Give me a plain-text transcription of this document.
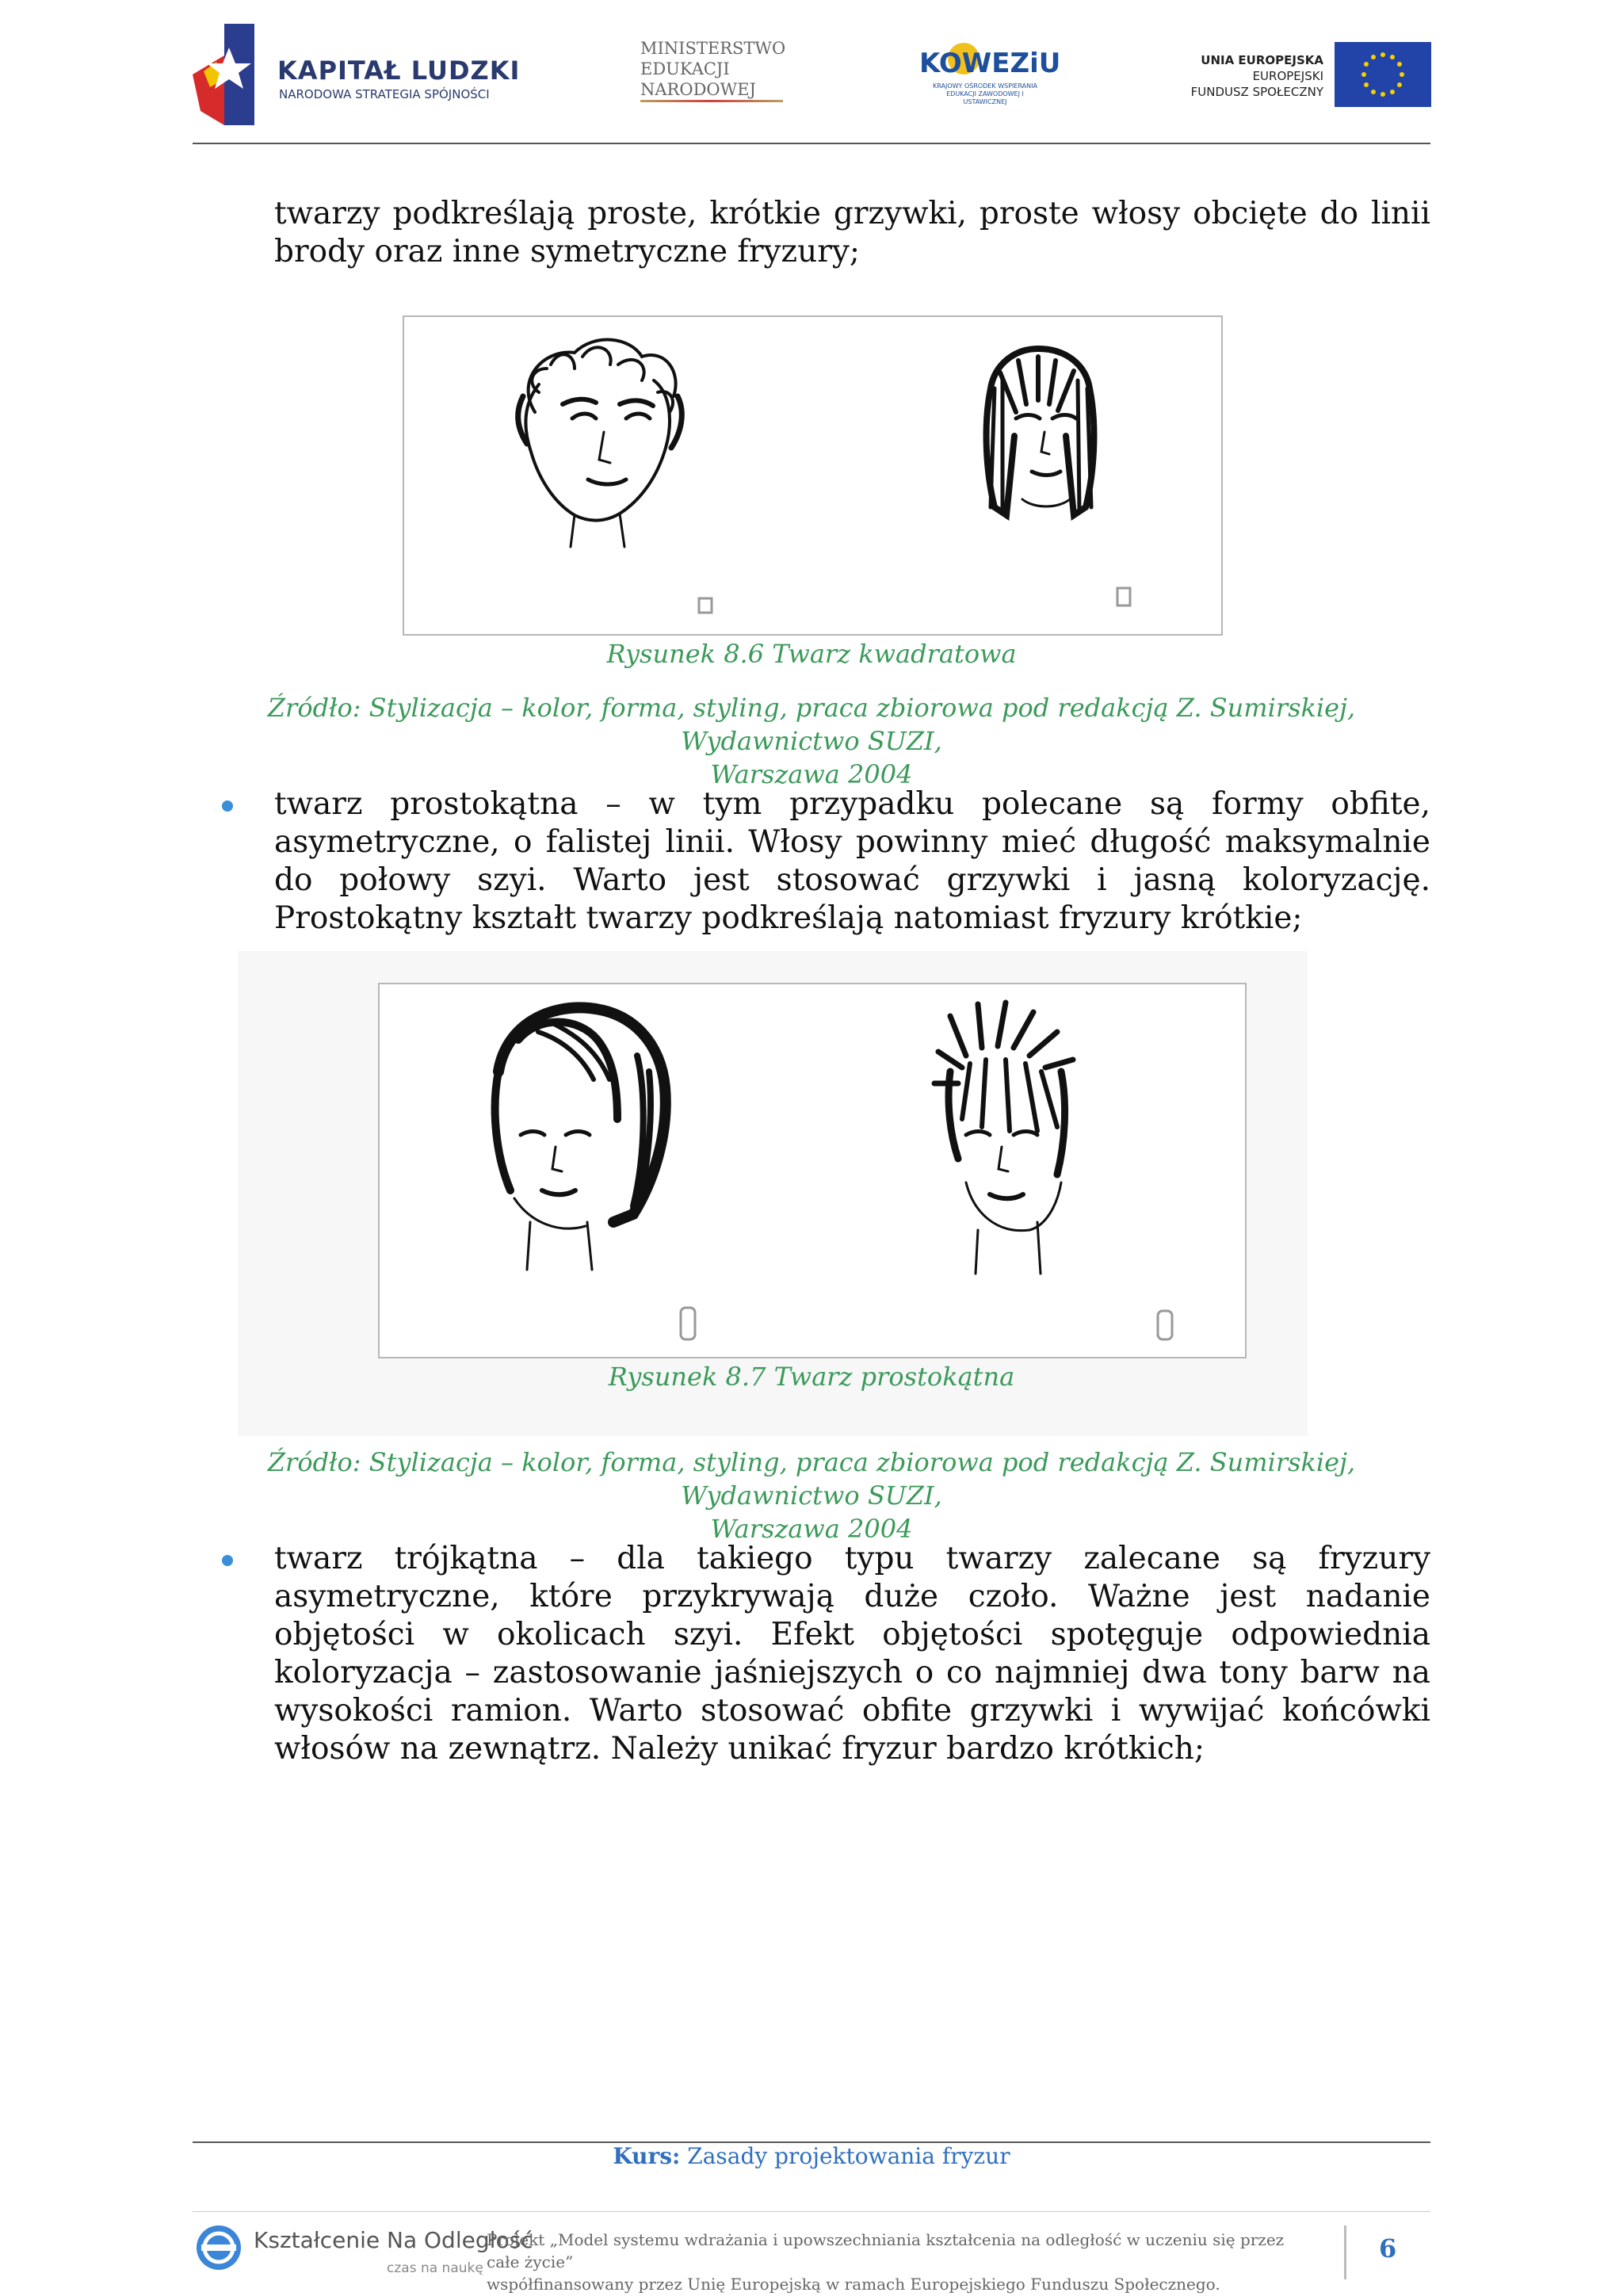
KAPITAŁ LUDZKI
NARODOWA STRATEGIA SPÓJNOŚCI
MINISTERSTWO
EDUKACJI
NARODOWEJ
KOWEZiU
KRAJOWY OŚRODEK WSPIERANIA EDUKACJI ZAWODOWEJ I USTAWICZNEJ
UNIA EUROPEJSKA
EUROPEJSKI
FUNDUSZ SPOŁECZNY
twarzy podkreślają proste, krótkie grzywki, proste włosy obcięte do linii brody oraz inne symetryczne fryzury;
Rysunek 8.6 Twarz kwadratowa
Źródło: Stylizacja – kolor, forma, styling, praca zbiorowa pod redakcją Z. Sumirskiej, Wydawnictwo SUZI,
Warszawa 2004
twarz prostokątna – w tym przypadku polecane są formy obfite, asymetryczne, o falistej linii. Włosy powinny mieć długość maksymalnie do połowy szyi. Warto jest stosować grzywki i jasną koloryzację. Prostokątny kształt twarzy podkreślają natomiast fryzury krótkie;
Rysunek 8.7 Twarz prostokątna
Źródło: Stylizacja – kolor, forma, styling, praca zbiorowa pod redakcją Z. Sumirskiej, Wydawnictwo SUZI,
Warszawa 2004
twarz trójkątna – dla takiego typu twarzy zalecane są fryzury asymetryczne, które przykrywają duże czoło. Ważne jest nadanie objętości w okolicach szyi. Efekt objętości spotęguje odpowiednia koloryzacja – zastosowanie jaśniejszych o co najmniej dwa tony barw na wysokości ramion. Warto stosować obfite grzywki i wywijać końcówki włosów na zewnątrz. Należy unikać fryzur bardzo krótkich;
Kurs: Zasady projektowania fryzur
Kształcenie Na Odległość
czas na naukę
Projekt „Model systemu wdrażania i upowszechniania kształcenia na odległość w uczeniu się przez całe życie”
współfinansowany przez Unię Europejską w ramach Europejskiego Funduszu Społecznego.
6
